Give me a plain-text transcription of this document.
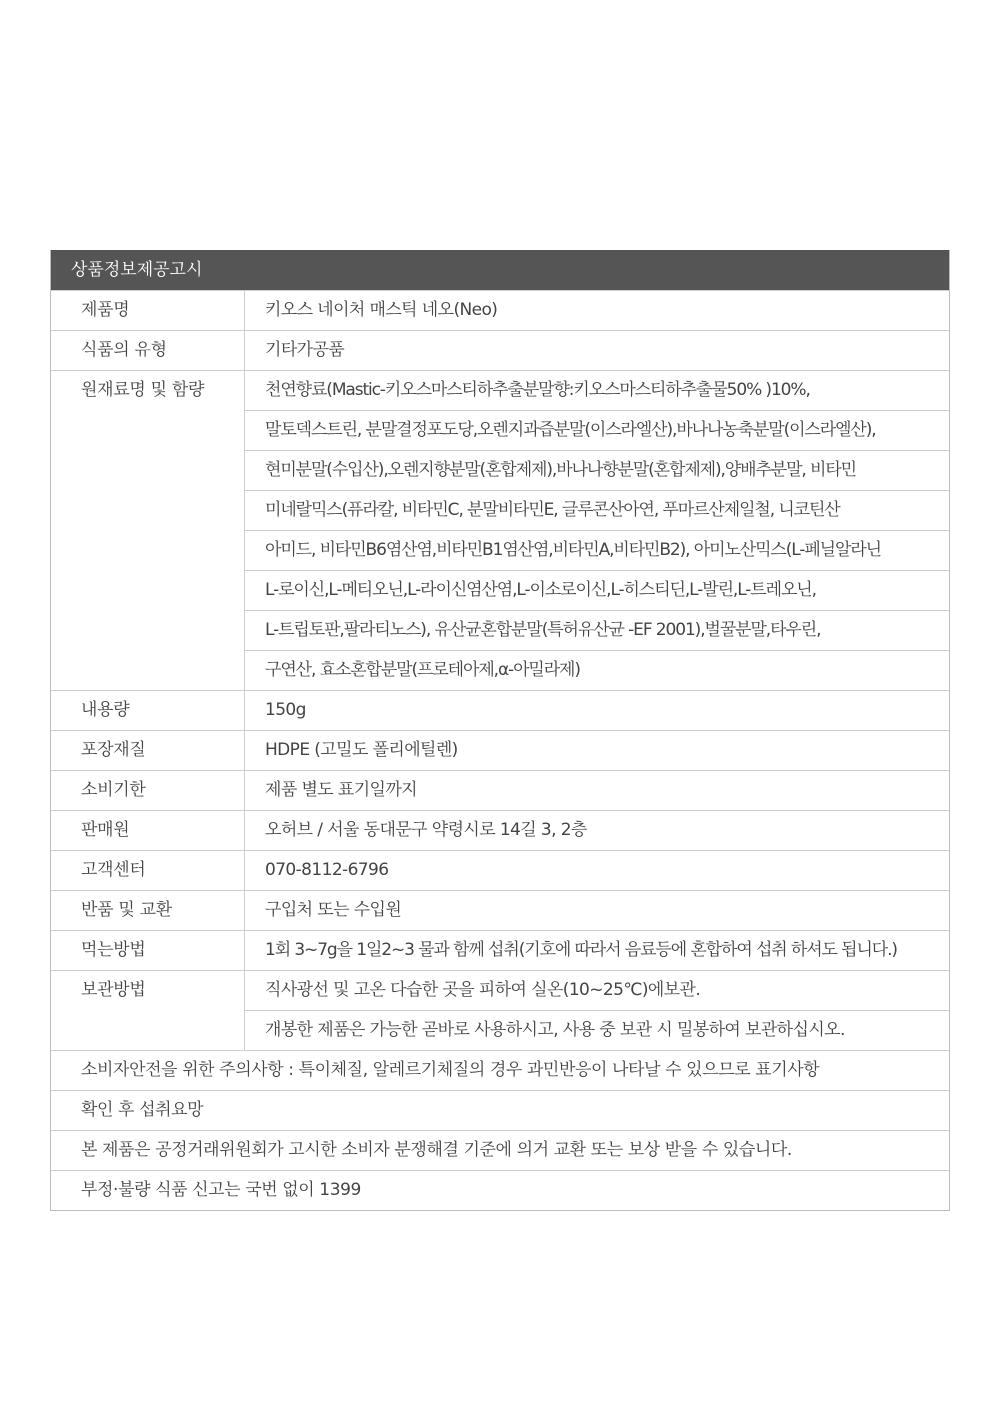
상품정보제공고시
제품명	키오스 네이처 매스틱 네오(Neo)
식품의 유형	기타가공품
원재료명 및 함량	천연향료(Mastic-키오스마스티하추출분말향:키오스마스티하추출물50% )10%,
말토덱스트린, 분말결정포도당,오렌지과즙분말(이스라엘산),바나나농축분말(이스라엘산),
현미분말(수입산),오렌지향분말(혼합제제),바나나향분말(혼합제제),양배추분말, 비타민
미네랄믹스(퓨라칼, 비타민C, 분말비타민E, 글루콘산아연, 푸마르산제일철, 니코틴산
아미드, 비타민B6염산염,비타민B1염산염,비타민A,비타민B2), 아미노산믹스(L-페닐알라닌
L-로이신,L-메티오닌,L-라이신염산염,L-이소로이신,L-히스티딘,L-발린,L-트레오닌,
L-트립토판,팔라티노스), 유산균혼합분말(특허유산균 -EF 2001),벌꿀분말,타우린,
구연산, 효소혼합분말(프로테아제,α-아밀라제)
내용량	150g
포장재질	HDPE (고밀도 폴리에틸렌)
소비기한	제품 별도 표기일까지
판매원	오허브 / 서울 동대문구 약령시로 14길 3, 2층
고객센터	070-8112-6796
반품 및 교환	구입처 또는 수입원
먹는방법	1회 3~7g을 1일2~3 물과 함께 섭취(기호에 따라서 음료등에 혼합하여 섭취 하셔도 됩니다.)
보관방법	직사광선 및 고온 다습한 곳을 피하여 실온(10~25℃)에보관.
개봉한 제품은 가능한 곧바로 사용하시고, 사용 중 보관 시 밀봉하여 보관하십시오.
소비자안전을 위한 주의사항 : 특이체질, 알레르기체질의 경우 과민반응이 나타날 수 있으므로 표기사항
확인 후 섭취요망
본 제품은 공정거래위원회가 고시한 소비자 분쟁해결 기준에 의거 교환 또는 보상 받을 수 있습니다.
부정·불량 식품 신고는 국번 없이 1399
